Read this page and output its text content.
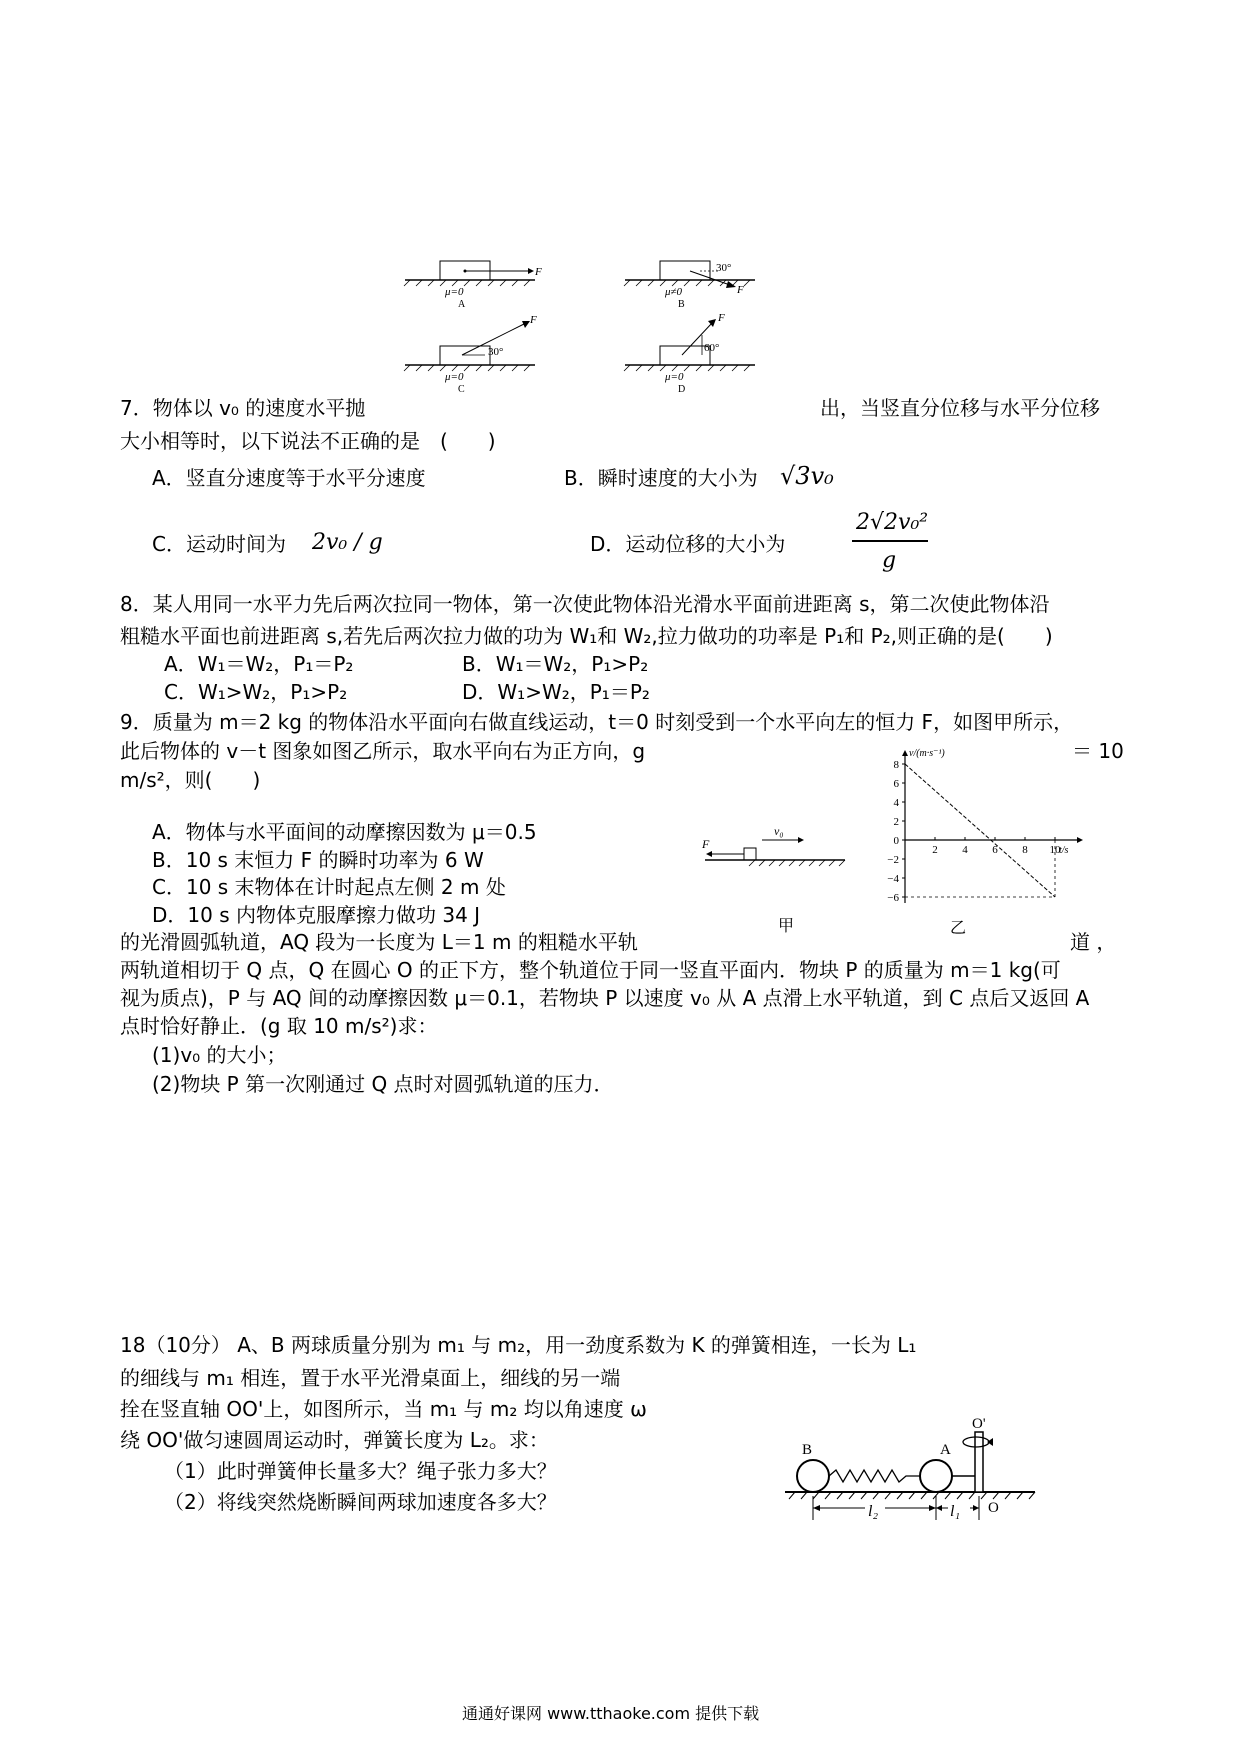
F
μ=0
A
30°
F
μ≠0
B
30°
F
μ=0
C
60°
F
μ=0
D
7．物体以 v₀ 的速度水平抛	出，当竖直分位移与水平分位移
大小相等时，以下说法不正确的是　(　　)
A．竖直分速度等于水平分速度	B．瞬时速度的大小为 √3v₀
C．运动时间为 2v₀ / g	D．运动位移的大小为
2√2v₀²
g
8．某人用同一水平力先后两次拉同一物体，第一次使此物体沿光滑水平面前进距离 s，第二次使此物体沿
粗糙水平面也前进距离 s,若先后两次拉力做的功为 W₁和 W₂,拉力做功的功率是 P₁和 P₂,则正确的是(　　)
A．W₁＝W₂，P₁＝P₂	B．W₁＝W₂，P₁>P₂
C．W₁>W₂，P₁>P₂	D．W₁>W₂，P₁＝P₂
9．质量为 m＝2 kg 的物体沿水平面向右做直线运动，t＝0 时刻受到一个水平向左的恒力 F，如图甲所示，
此后物体的 v－t 图象如图乙所示，取水平向右为正方向，g	＝ 10
m/s²，则(　　)
A．物体与水平面间的动摩擦因数为 μ＝0.5
B．10 s 末恒力 F 的瞬时功率为 6 W
C．10 s 末物体在计时起点左侧 2 m 处
D．10 s 内物体克服摩擦力做功 34 J
F
v₀
甲
v/(m·s⁻¹)
t/s
8
6
4
2
0
−2
−4
−6
2 4 6 8 10
乙
的光滑圆弧轨道，AQ 段为一长度为 L＝1 m 的粗糙水平轨	道 ，
两轨道相切于 Q 点，Q 在圆心 O 的正下方，整个轨道位于同一竖直平面内．物块 P 的质量为 m＝1 kg(可
视为质点)，P 与 AQ 间的动摩擦因数 μ＝0.1，若物块 P 以速度 v₀ 从 A 点滑上水平轨道，到 C 点后又返回 A
点时恰好静止．(g 取 10 m/s²)求：
(1)v₀ 的大小；
(2)物块 P 第一次刚通过 Q 点时对圆弧轨道的压力．
18（10分） A、B 两球质量分别为 m₁ 与 m₂，用一劲度系数为 K 的弹簧相连，一长为 L₁
的细线与 m₁ 相连，置于水平光滑桌面上，细线的另一端
拴在竖直轴 OO'上，如图所示，当 m₁ 与 m₂ 均以角速度 ω
绕 OO'做匀速圆周运动时，弹簧长度为 L₂。求：
（1）此时弹簧伸长量多大？绳子张力多大？
（2）将线突然烧断瞬间两球加速度各多大？
B	A
O'
O
l₂	l₁
通通好课网 www.tthaoke.com 提供下载
